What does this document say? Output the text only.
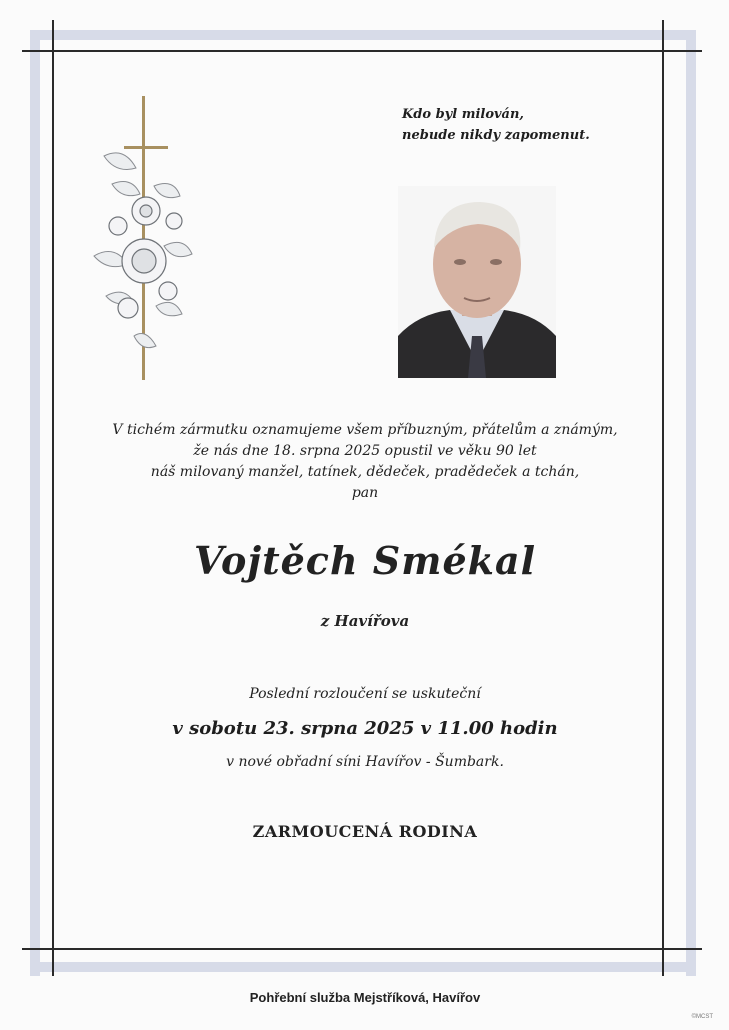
Kdo byl milován,
nebude nikdy zapomenut.
V tichém zármutku oznamujeme všem příbuzným, přátelům a známým,
že nás dne 18. srpna 2025 opustil ve věku 90 let
náš milovaný manžel, tatínek, dědeček, pradědeček a tchán,
pan
Vojtěch Smékal
z Havířova
Poslední rozloučení se uskuteční
v sobotu 23. srpna 2025 v 11.00 hodin
v nové obřadní síni Havířov - Šumbark.
ZARMOUCENÁ RODINA
Pohřební služba Mejstříková, Havířov
©MCST
